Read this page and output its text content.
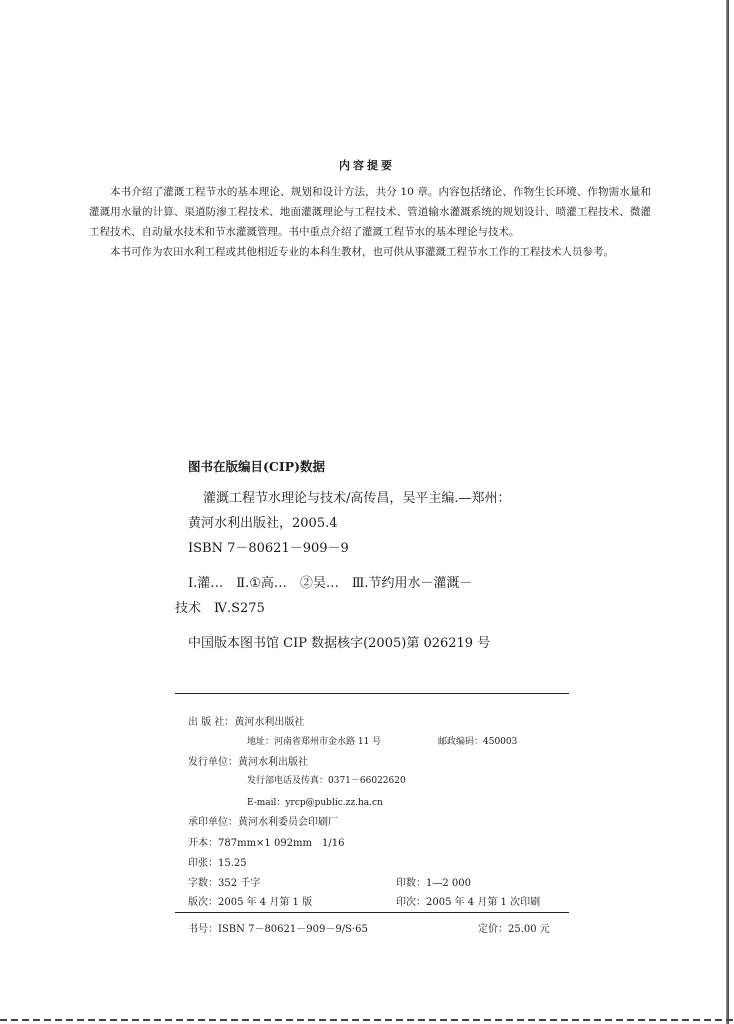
内容提要

本书介绍了灌溉工程节水的基本理论、规划和设计方法，共分 10 章。内容包括绪论、作物生长环境、作物需水量和灌溉用水量的计算、渠道防渗工程技术、地面灌溉理论与工程技术、管道输水灌溉系统的规划设计、喷灌工程技术、微灌工程技术、自动量水技术和节水灌溉管理。书中重点介绍了灌溉工程节水的基本理论与技术。

本书可作为农田水利工程或其他相近专业的本科生教材，也可供从事灌溉工程节水工作的工程技术人员参考。

图书在版编目(CIP)数据
灌溉工程节水理论与技术/高传昌，吴平主编.—郑州：
黄河水利出版社，2005.4
ISBN 7－80621－909－9
Ⅰ.灌…　Ⅱ.①高…　②吴…　Ⅲ.节约用水－灌溉－
技术　Ⅳ.S275
中国版本图书馆 CIP 数据核字(2005)第 026219 号
出 版 社：黄河水利出版社
地址：河南省郑州市金水路 11 号	邮政编码：450003
发行单位：黄河水利出版社
发行部电话及传真：0371－66022620
E-mail：yrcp@public.zz.ha.cn
承印单位：黄河水利委员会印刷厂
开本：787mm×1 092mm　1/16
印张：15.25
字数：352 千字	印数：1—2 000
版次：2005 年 4 月第 1 版	印次：2005 年 4 月第 1 次印刷
书号：ISBN 7－80621－909－9/S·65	定价：25.00 元
